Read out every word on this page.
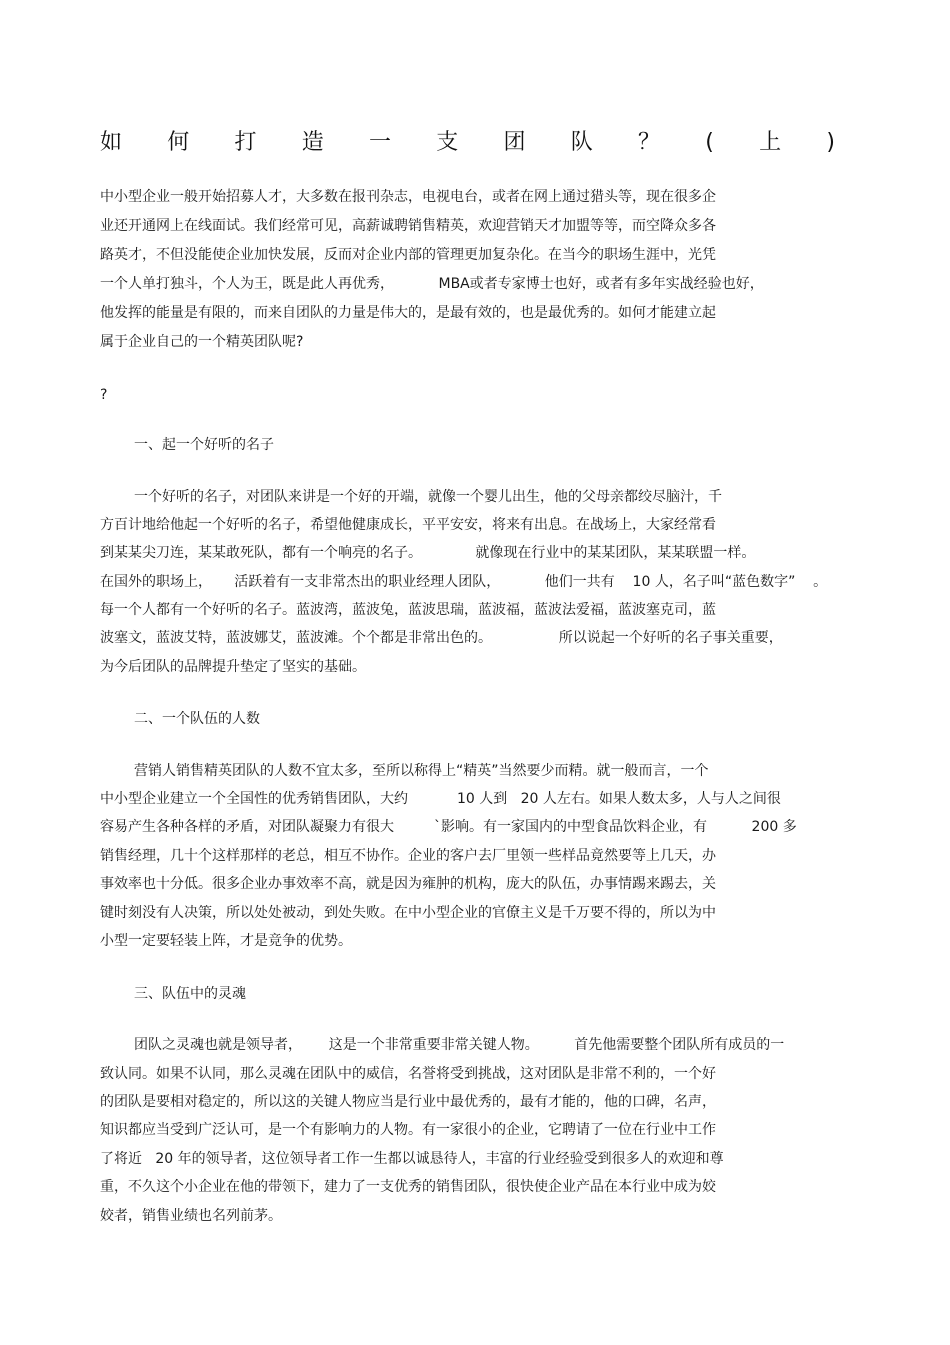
如 何 打 造 一 支 团 队 ？ ( 上 )
中小型企业一般开始招募人才，大多数在报刊杂志，电视电台，或者在网上通过猎头等，现在很多企
业还开通网上在线面试。我们经常可见，高薪诚聘销售精英，欢迎营销天才加盟等等，而空降众多各
路英才，不但没能使企业加快发展，反而对企业内部的管理更加复杂化。在当今的职场生涯中，光凭
一个人单打独斗，个人为王，既是此人再优秀，          MBA或者专家博士也好，或者有多年实战经验也好，
他发挥的能量是有限的，而来自团队的力量是伟大的，是最有效的，也是最优秀的。如何才能建立起
属于企业自己的一个精英团队呢?
?
一、起一个好听的名子
一个好听的名子，对团队来讲是一个好的开端，就像一个婴儿出生，他的父母亲都绞尽脑汁，千
方百计地给他起一个好听的名子，希望他健康成长，平平安安，将来有出息。在战场上，大家经常看
到某某尖刀连，某某敢死队，都有一个响亮的名子。            就像现在行业中的某某团队，某某联盟一样。
在国外的职场上，     活跃着有一支非常杰出的职业经理人团队，          他们一共有    10 人，名子叫“蓝色数字”    。
每一个人都有一个好听的名子。蓝波湾，蓝波兔，蓝波思瑞，蓝波福，蓝波法爱福，蓝波塞克司，蓝
波塞文，蓝波艾特，蓝波娜艾，蓝波滩。个个都是非常出色的。               所以说起一个好听的名子事关重要，
为今后团队的品牌提升垫定了坚实的基础。
二、一个队伍的人数
营销人销售精英团队的人数不宜太多，至所以称得上“精英”当然要少而精。就一般而言，一个
中小型企业建立一个全国性的优秀销售团队，大约           10 人到   20 人左右。如果人数太多，人与人之间很
容易产生各种各样的矛盾，对团队凝聚力有很大         `影响。有一家国内的中型食品饮料企业，有          200 多
销售经理，几十个这样那样的老总，相互不协作。企业的客户去厂里领一些样品竟然要等上几天，办
事效率也十分低。很多企业办事效率不高，就是因为雍肿的机构，庞大的队伍，办事情踢来踢去，关
键时刻没有人决策，所以处处被动，到处失败。在中小型企业的官僚主义是千万要不得的，所以为中
小型一定要轻装上阵，才是竞争的优势。
三、队伍中的灵魂
团队之灵魂也就是领导者，      这是一个非常重要非常关键人物。        首先他需要整个团队所有成员的一
致认同。如果不认同，那么灵魂在团队中的威信，名誉将受到挑战，这对团队是非常不利的，一个好
的团队是要相对稳定的，所以这的关键人物应当是行业中最优秀的，最有才能的，他的口碑，名声，
知识都应当受到广泛认可，是一个有影响力的人物。有一家很小的企业，它聘请了一位在行业中工作
了将近   20 年的领导者，这位领导者工作一生都以诚恳待人，丰富的行业经验受到很多人的欢迎和尊
重，不久这个小企业在他的带领下，建力了一支优秀的销售团队，很快使企业产品在本行业中成为姣
姣者，销售业绩也名列前茅。
